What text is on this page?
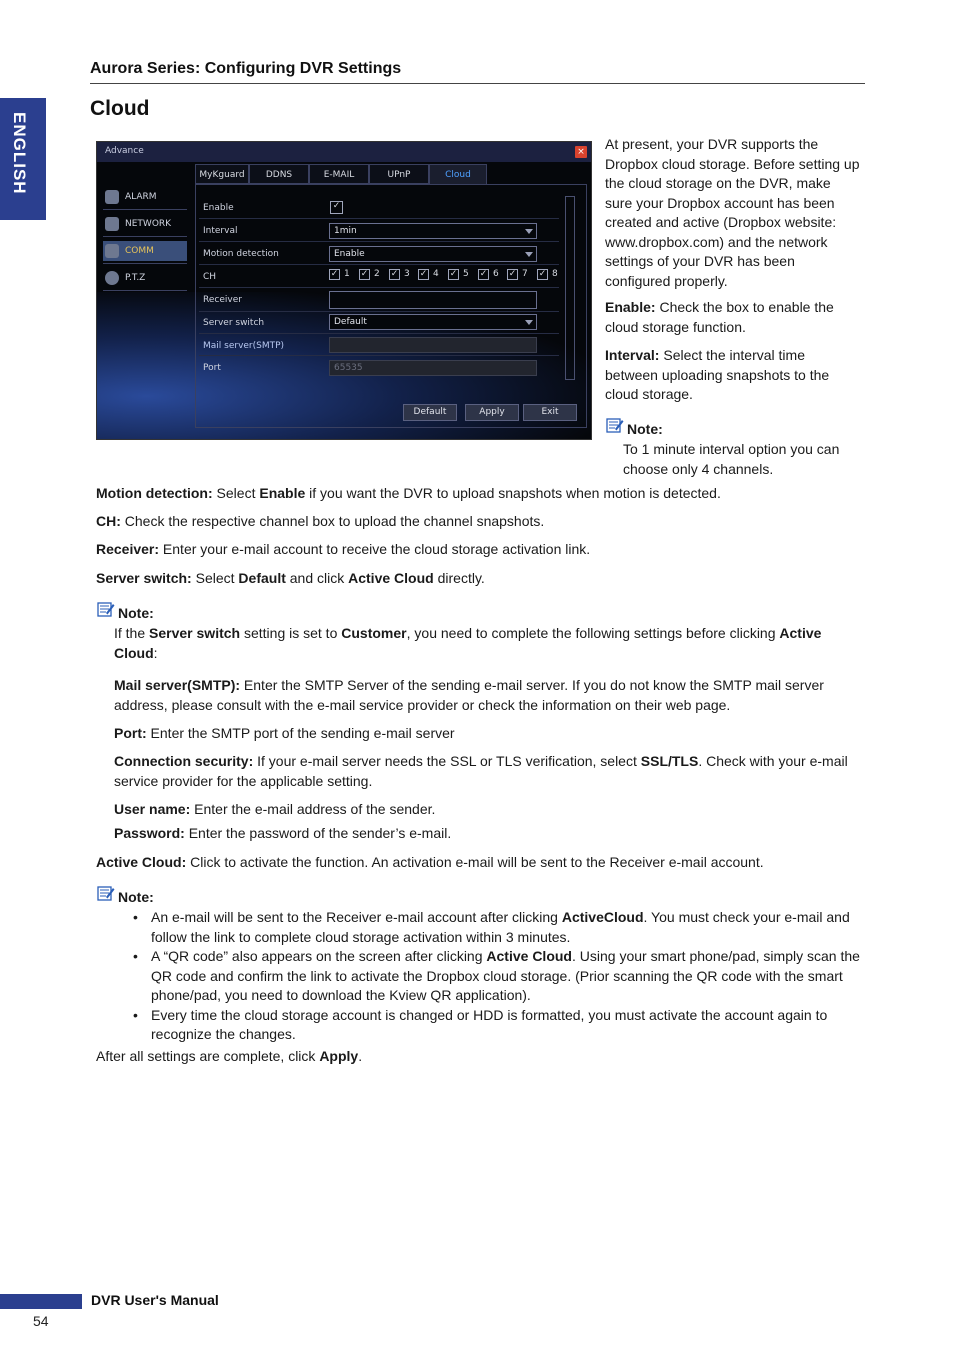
Aurora Series: Configuring DVR Settings
ENGLISH
Cloud
Advance	×
ALARM
NETWORK
COMM
P.T.Z
MyKguard	DDNS	E-MAIL	UPnP	Cloud
Enable	✓
Interval	1min
Motion detection	Enable
CH	✓ 1 ✓ 2 ✓ 3 ✓ 4 ✓ 5 ✓ 6 ✓ 7 ✓ 8
Receiver
Server switch	Default
Mail server(SMTP)
Port	65535
Default	Apply	Exit
At present, your DVR supports the Dropbox cloud storage. Before setting up the cloud storage on the DVR, make sure your Dropbox account has been created and active (Dropbox website: www.dropbox.com) and the network settings of your DVR has been configured properly.
Enable: Check the box to enable the cloud storage function.
Interval: Select the interval time between uploading snapshots to the cloud storage.
Note:
To 1 minute interval option you can choose only 4 channels.
Motion detection: Select Enable if you want the DVR to upload snapshots when motion is detected.
CH: Check the respective channel box to upload the channel snapshots.
Receiver: Enter your e-mail account to receive the cloud storage activation link.
Server switch: Select Default and click Active Cloud directly.
Note:
If the Server switch setting is set to Customer, you need to complete the following settings before clicking Active Cloud:
Mail server(SMTP): Enter the SMTP Server of the sending e-mail server. If you do not know the SMTP mail server address, please consult with the e-mail service provider or check the information on their web page.
Port: Enter the SMTP port of the sending e-mail server
Connection security: If your e-mail server needs the SSL or TLS verification, select SSL/TLS. Check with your e-mail service provider for the applicable setting.
User name: Enter the e-mail address of the sender.
Password: Enter the password of the sender’s e-mail.
Active Cloud: Click to activate the function. An activation e-mail will be sent to the Receiver e-mail account.
Note:
• An e-mail will be sent to the Receiver e-mail account after clicking ActiveCloud. You must check your e-mail and follow the link to complete cloud storage activation within 3 minutes.
• A “QR code” also appears on the screen after clicking Active Cloud. Using your smart phone/pad, simply scan the QR code and confirm the link to activate the Dropbox cloud storage. (Prior scanning the QR code with the smart phone/pad, you need to download the Kview QR application).
• Every time the cloud storage account is changed or HDD is formatted, you must activate the account again to recognize the changes.
After all settings are complete, click Apply.
DVR User's Manual
54
